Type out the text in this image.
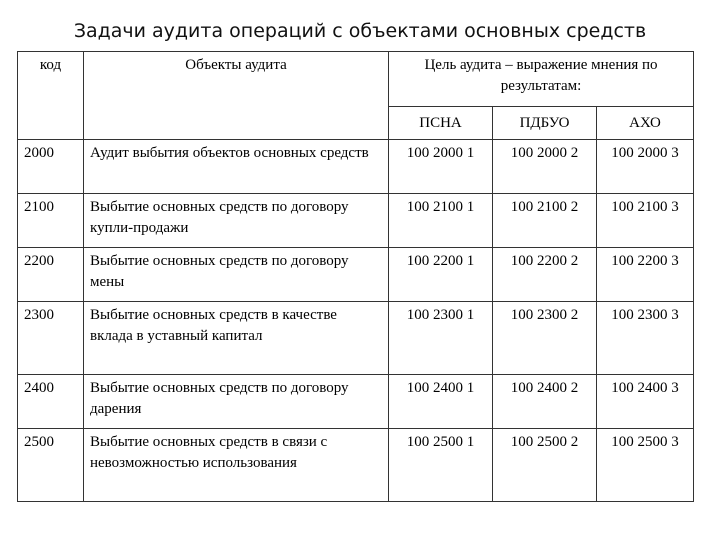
Задачи аудита операций с объектами основных средств
код	Объекты аудита	Цель аудита – выражение мнения по результатам:		
		ПСНА	ПДБУО	АХО
2000	Аудит выбытия объектов основных средств	100 2000 1	100 2000 2	100 2000 3
2100	Выбытие основных средств по договору купли-продажи	100 2100 1	100 2100 2	100 2100 3
2200	Выбытие основных средств по договору мены	100 2200 1	100 2200 2	100 2200 3
2300	Выбытие основных средств в качестве вклада в уставный капитал	100 2300 1	100 2300 2	100 2300 3
2400	Выбытие основных средств по договору дарения	100 2400 1	100 2400 2	100 2400 3
2500	Выбытие основных средств в связи с невозможностью использования	100 2500 1	100 2500 2	100 2500 3
